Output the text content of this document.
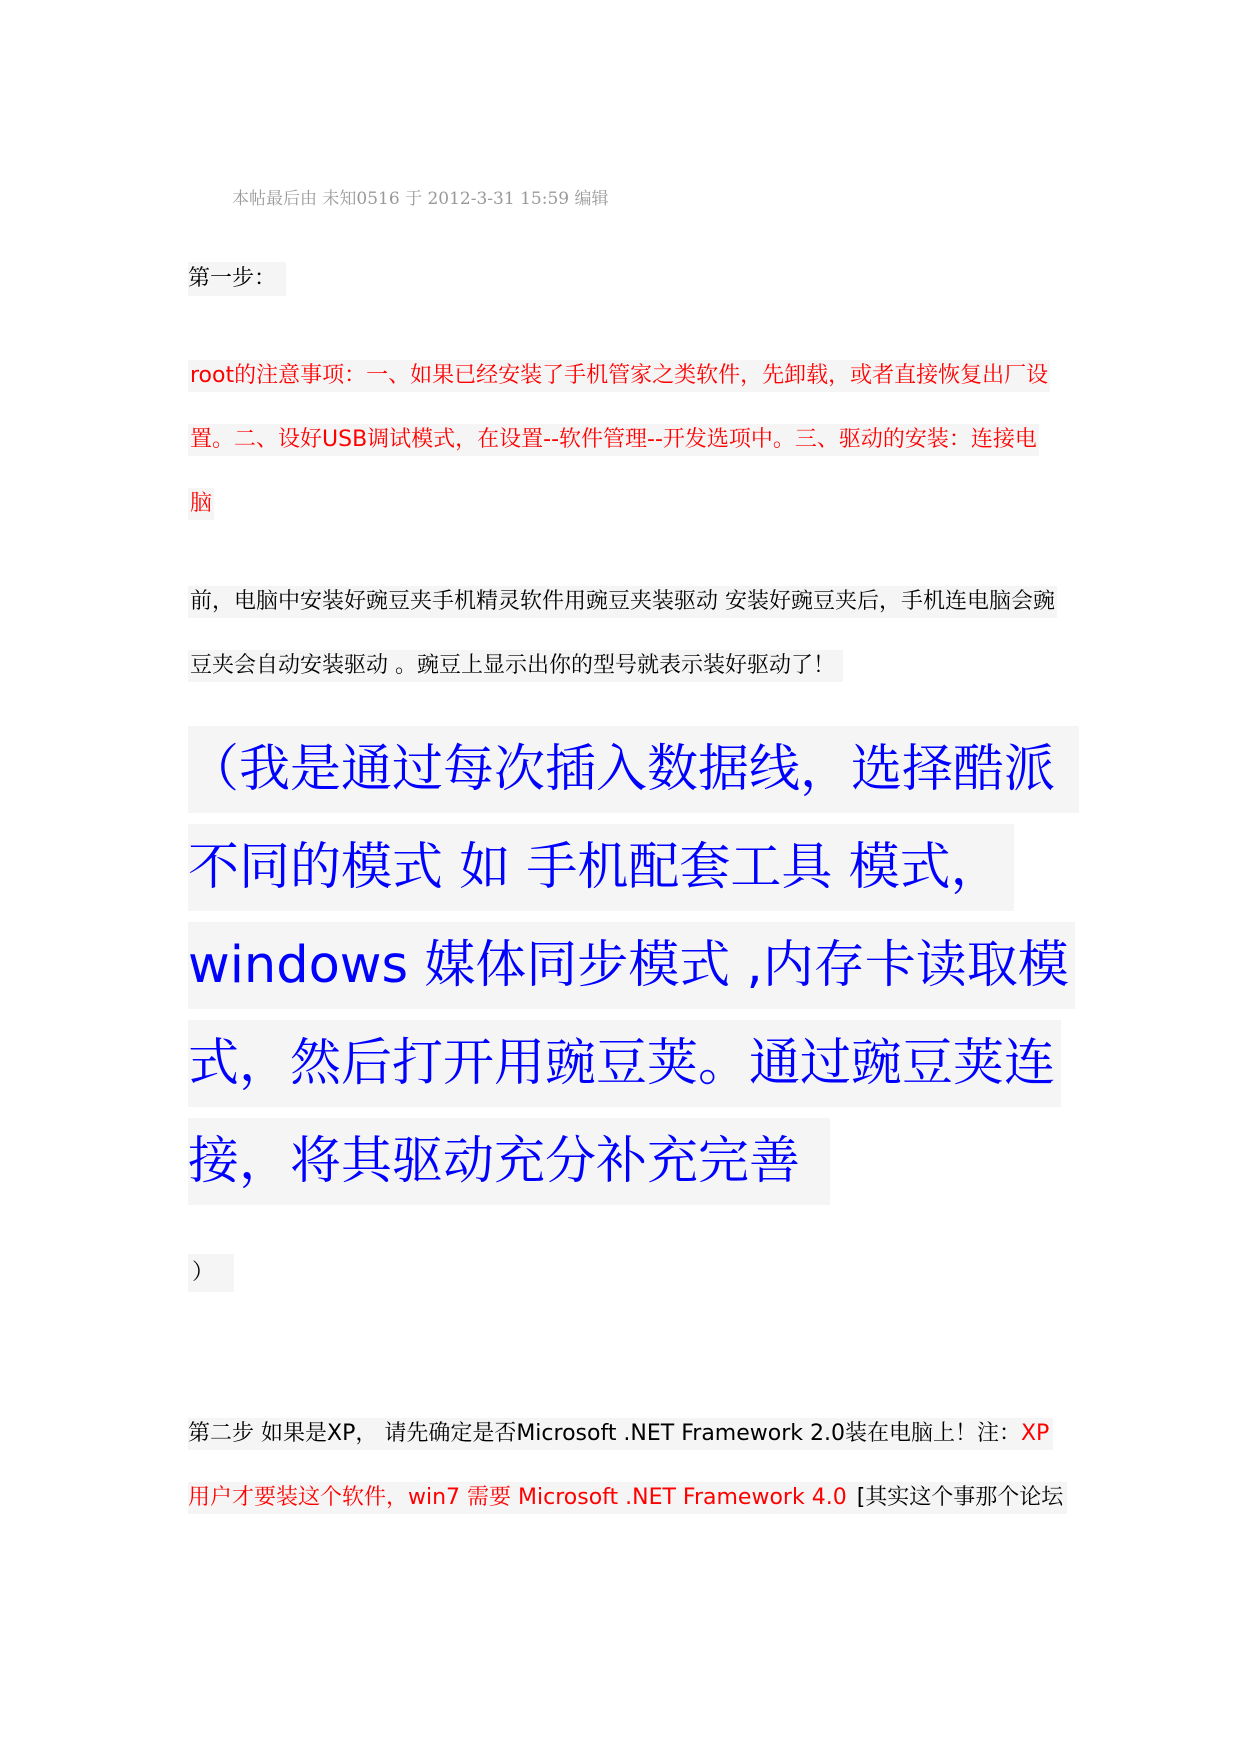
本帖最后由 未知0516 于 2012-3-31 15:59 编辑
第一步：
root的注意事项：一、如果已经安装了手机管家之类软件，先卸载，或者直接恢复出厂设
置。二、设好USB调试模式，在设置--软件管理--开发选项中。三、驱动的安装：连接电
脑
前，电脑中安装好豌豆夹手机精灵软件用豌豆夹装驱动 安装好豌豆夹后，手机连电脑会豌
豆夹会自动安装驱动 。豌豆上显示出你的型号就表示装好驱动了！
（我是通过每次插入数据线，选择酷派
不同的模式 如 手机配套工具 模式，
windows 媒体同步模式 ,内存卡读取模
式，然后打开用豌豆荚。通过豌豆荚连
接，将其驱动充分补充完善
）
第二步 如果是XP， 请先确定是否Microsoft .NET Framework 2.0装在电脑上！注：XP
用户才要装这个软件，win7 需要 Microsoft .NET Framework 4.0 [其实这个事那个论坛
